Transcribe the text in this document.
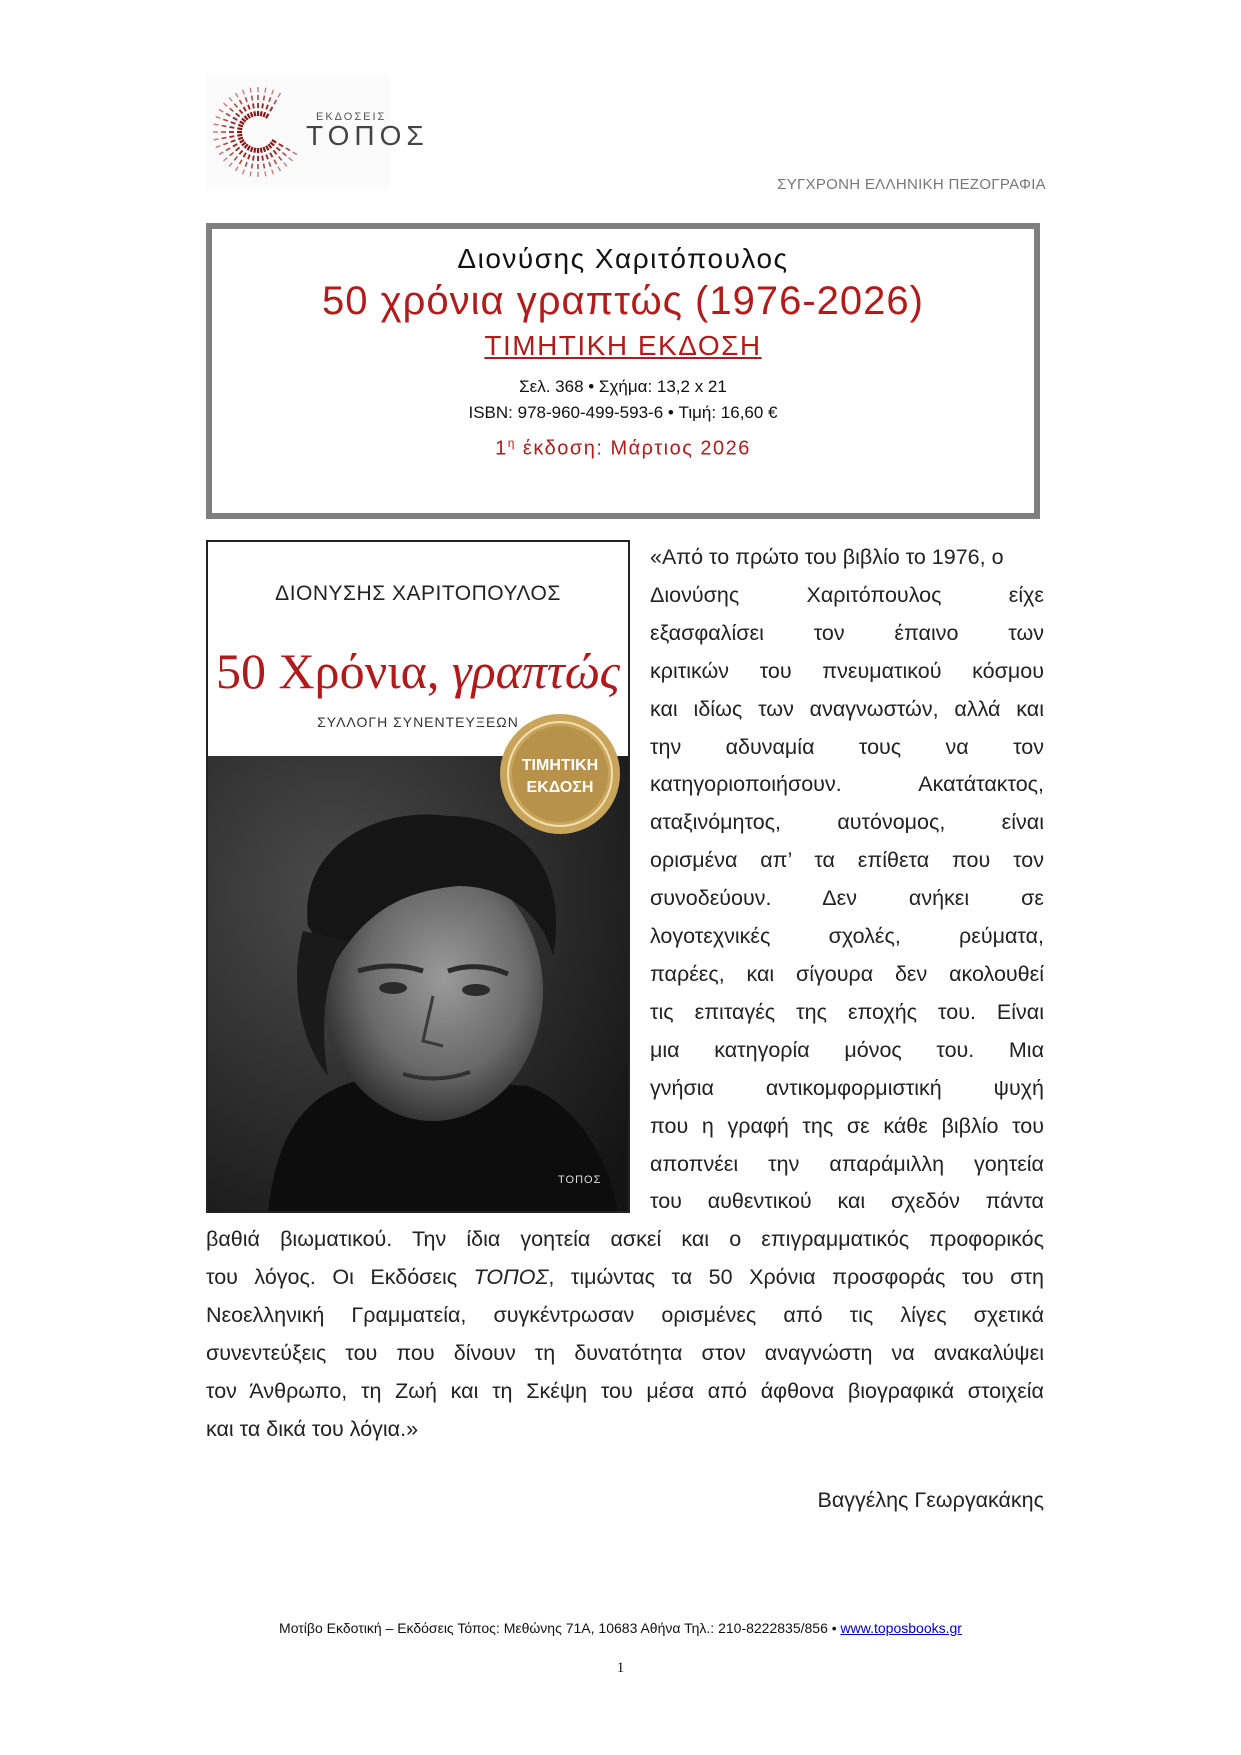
ΕΚΔΟΣΕΙΣ
ΤΟΠΟΣ
ΣΥΓΧΡΟΝΗ ΕΛΛΗΝΙΚΗ ΠΕΖΟΓΡΑΦΙΑ
Διονύσης Χαριτόπουλος
50 χρόνια γραπτώς (1976-2026)
ΤΙΜΗΤΙΚΗ ΕΚΔΟΣΗ
Σελ. 368 • Σχήμα: 13,2 x 21
ISBN: 978-960-499-593-6 • Τιμή: 16,60 €
$1^\eta$ έκδοση: Μάρτιος 2026
ΔΙΟΝΥΣΗΣ ΧΑΡΙΤΟΠΟΥΛΟΣ
50 Χρόνια, γραπτώς
ΣΥΛΛΟΓΗ ΣΥΝΕΝΤΕΥΞΕΩΝ
ΤΙΜΗΤΙΚΗ
ΕΚΔΟΣΗ
ΤΟΠΟΣ
«Από το πρώτο του βιβλίο το 1976, ο
Διονύσης Χαριτόπουλος είχε
εξασφαλίσει τον έπαινο των
κριτικών του πνευματικού κόσμου
και ιδίως των αναγνωστών, αλλά και
την αδυναμία τους να τον
κατηγοριοποιήσουν. Ακατάτακτος,
αταξινόμητος, αυτόνομος, είναι
ορισμένα απ’ τα επίθετα που τον
συνοδεύουν. Δεν ανήκει σε
λογοτεχνικές σχολές, ρεύματα,
παρέες, και σίγουρα δεν ακολουθεί
τις επιταγές της εποχής του. Είναι
μια κατηγορία μόνος του. Μια
γνήσια αντικομφορμιστική ψυχή
που η γραφή της σε κάθε βιβλίο του
αποπνέει την απαράμιλλη γοητεία
του αυθεντικού και σχεδόν πάντα
βαθιά βιωματικού. Την ίδια γοητεία ασκεί και ο επιγραμματικός προφορικός
του λόγος. Οι Εκδόσεις ΤΟΠΟΣ, τιμώντας τα 50 Χρόνια προσφοράς του στη
Νεοελληνική Γραμματεία, συγκέντρωσαν ορισμένες από τις λίγες σχετικά
συνεντεύξεις του που δίνουν τη δυνατότητα στον αναγνώστη να ανακαλύψει
τον Άνθρωπο, τη Ζωή και τη Σκέψη του μέσα από άφθονα βιογραφικά στοιχεία
και τα δικά του λόγια.»
Βαγγέλης Γεωργακάκης
Μοτίβο Εκδοτική – Εκδόσεις Τόπος: Μεθώνης 71Α, 10683 Αθήνα Τηλ.: 210-8222835/856 • www.toposbooks.gr
1
